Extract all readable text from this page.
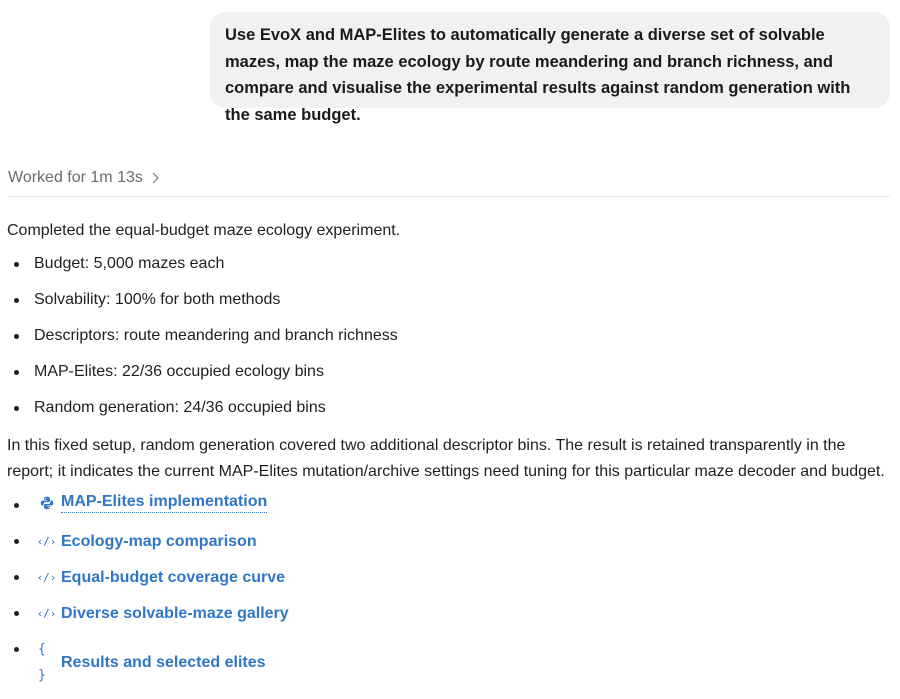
Use EvoX and MAP-Elites to automatically generate a diverse set of solvable mazes, map the maze ecology by route meandering and branch richness, and compare and visualise the experimental results against random generation with the same budget.
Worked for 1m 13s

Completed the equal-budget maze ecology experiment.

Budget: 5,000 mazes each
Solvability: 100% for both methods
Descriptors: route meandering and branch richness
MAP-Elites: 22/36 occupied ecology bins
Random generation: 24/36 occupied bins

In this fixed setup, random generation covered two additional descriptor bins. The result is retained transparently in the report; it indicates the current MAP-Elites mutation/archive settings need tuning for this particular maze decoder and budget.

MAP-Elites implementation
‹/› Ecology-map comparison
‹/› Equal-budget coverage curve
‹/› Diverse solvable-maze gallery
{ }
Results and selected elites
